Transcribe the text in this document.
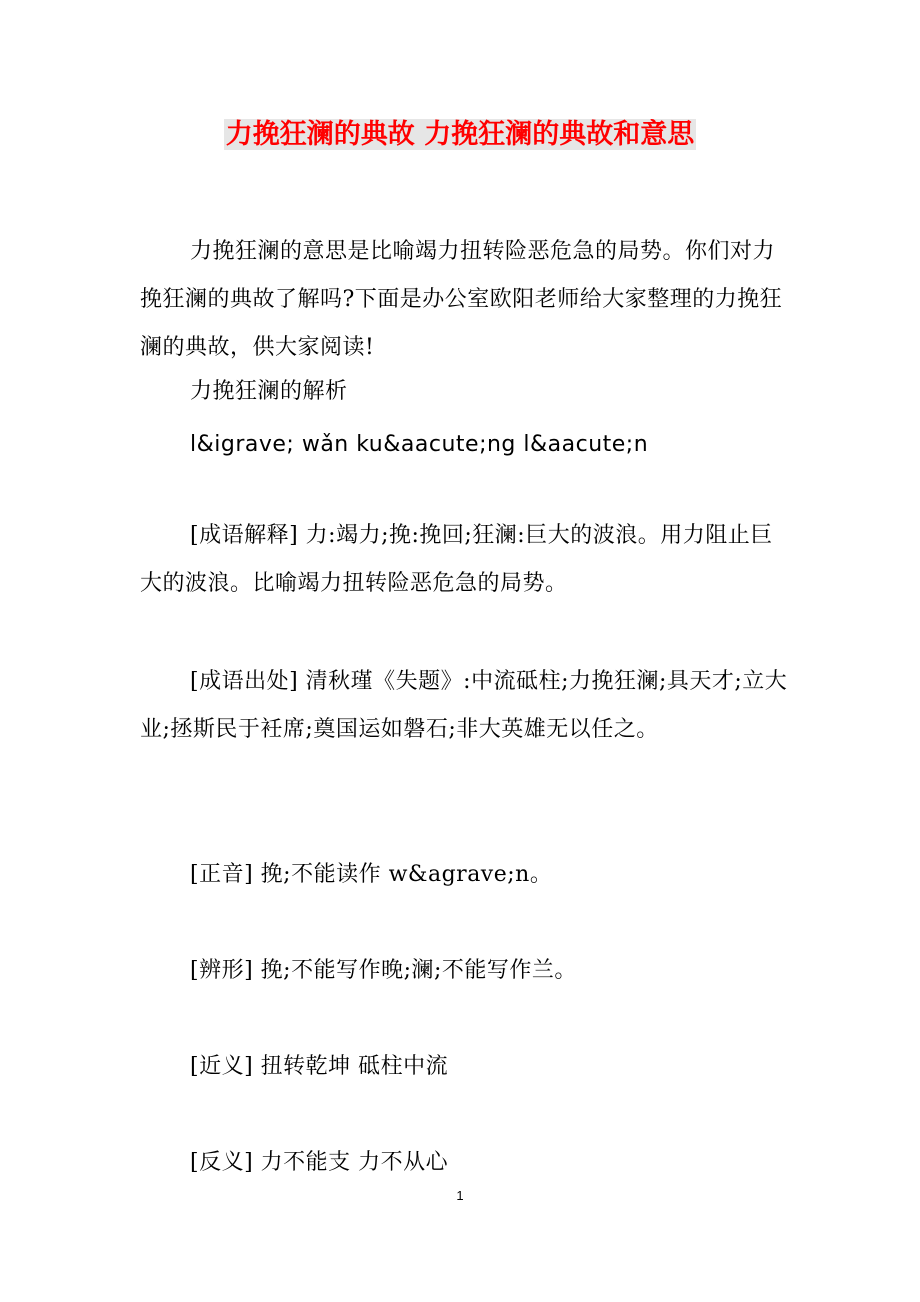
力挽狂澜的典故 力挽狂澜的典故和意思

力挽狂澜的意思是比喻竭力扭转险恶危急的局势。你们对力挽狂澜的典故了解吗?下面是办公室欧阳老师给大家整理的力挽狂澜的典故，供大家阅读!

力挽狂澜的解析
l&igrave; wǎn ku&aacute;ng l&aacute;n

[成语解释] 力:竭力;挽:挽回;狂澜:巨大的波浪。用力阻止巨大的波浪。比喻竭力扭转险恶危急的局势。

[成语出处] 清秋瑾《失题》:中流砥柱;力挽狂澜;具天才;立大业;拯斯民于衽席;奠国运如磐石;非大英雄无以任之。

[正音] 挽;不能读作 w&agrave;n。
[辨形] 挽;不能写作晚;澜;不能写作兰。
[近义] 扭转乾坤 砥柱中流
[反义] 力不能支 力不从心
1
